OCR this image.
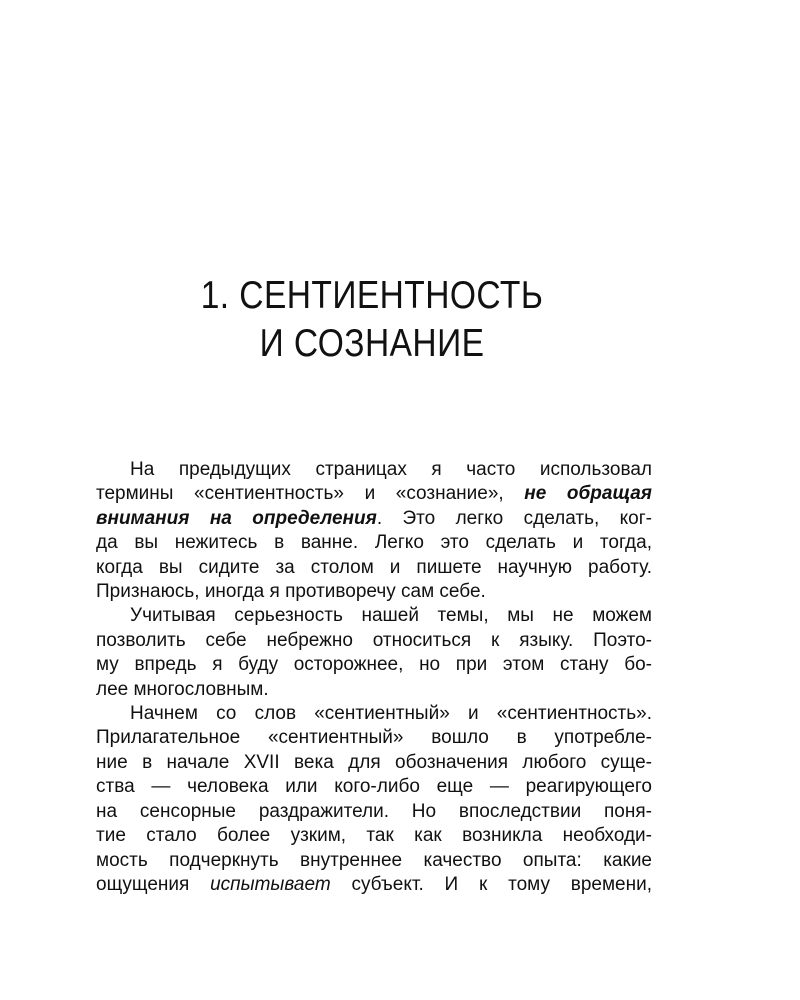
1. СЕНТИЕНТНОСТЬ
И СОЗНАНИЕ
На предыдущих страницах я часто использовал
термины «сентиентность» и «сознание», не обращая
внимания на определения. Это легко сделать, ког-
да вы нежитесь в ванне. Легко это сделать и тогда,
когда вы сидите за столом и пишете научную работу.
Признаюсь, иногда я противоречу сам себе.
Учитывая серьезность нашей темы, мы не можем
позволить себе небрежно относиться к языку. Поэто-
му впредь я буду осторожнее, но при этом стану бо-
лее многословным.
Начнем со слов «сентиентный» и «сентиентность».
Прилагательное «сентиентный» вошло в употребле-
ние в начале XVII века для обозначения любого суще-
ства — человека или кого-либо еще — реагирующего
на сенсорные раздражители. Но впоследствии поня-
тие стало более узким, так как возникла необходи-
мость подчеркнуть внутреннее качество опыта: какие
ощущения испытывает субъект. И к тому времени,
